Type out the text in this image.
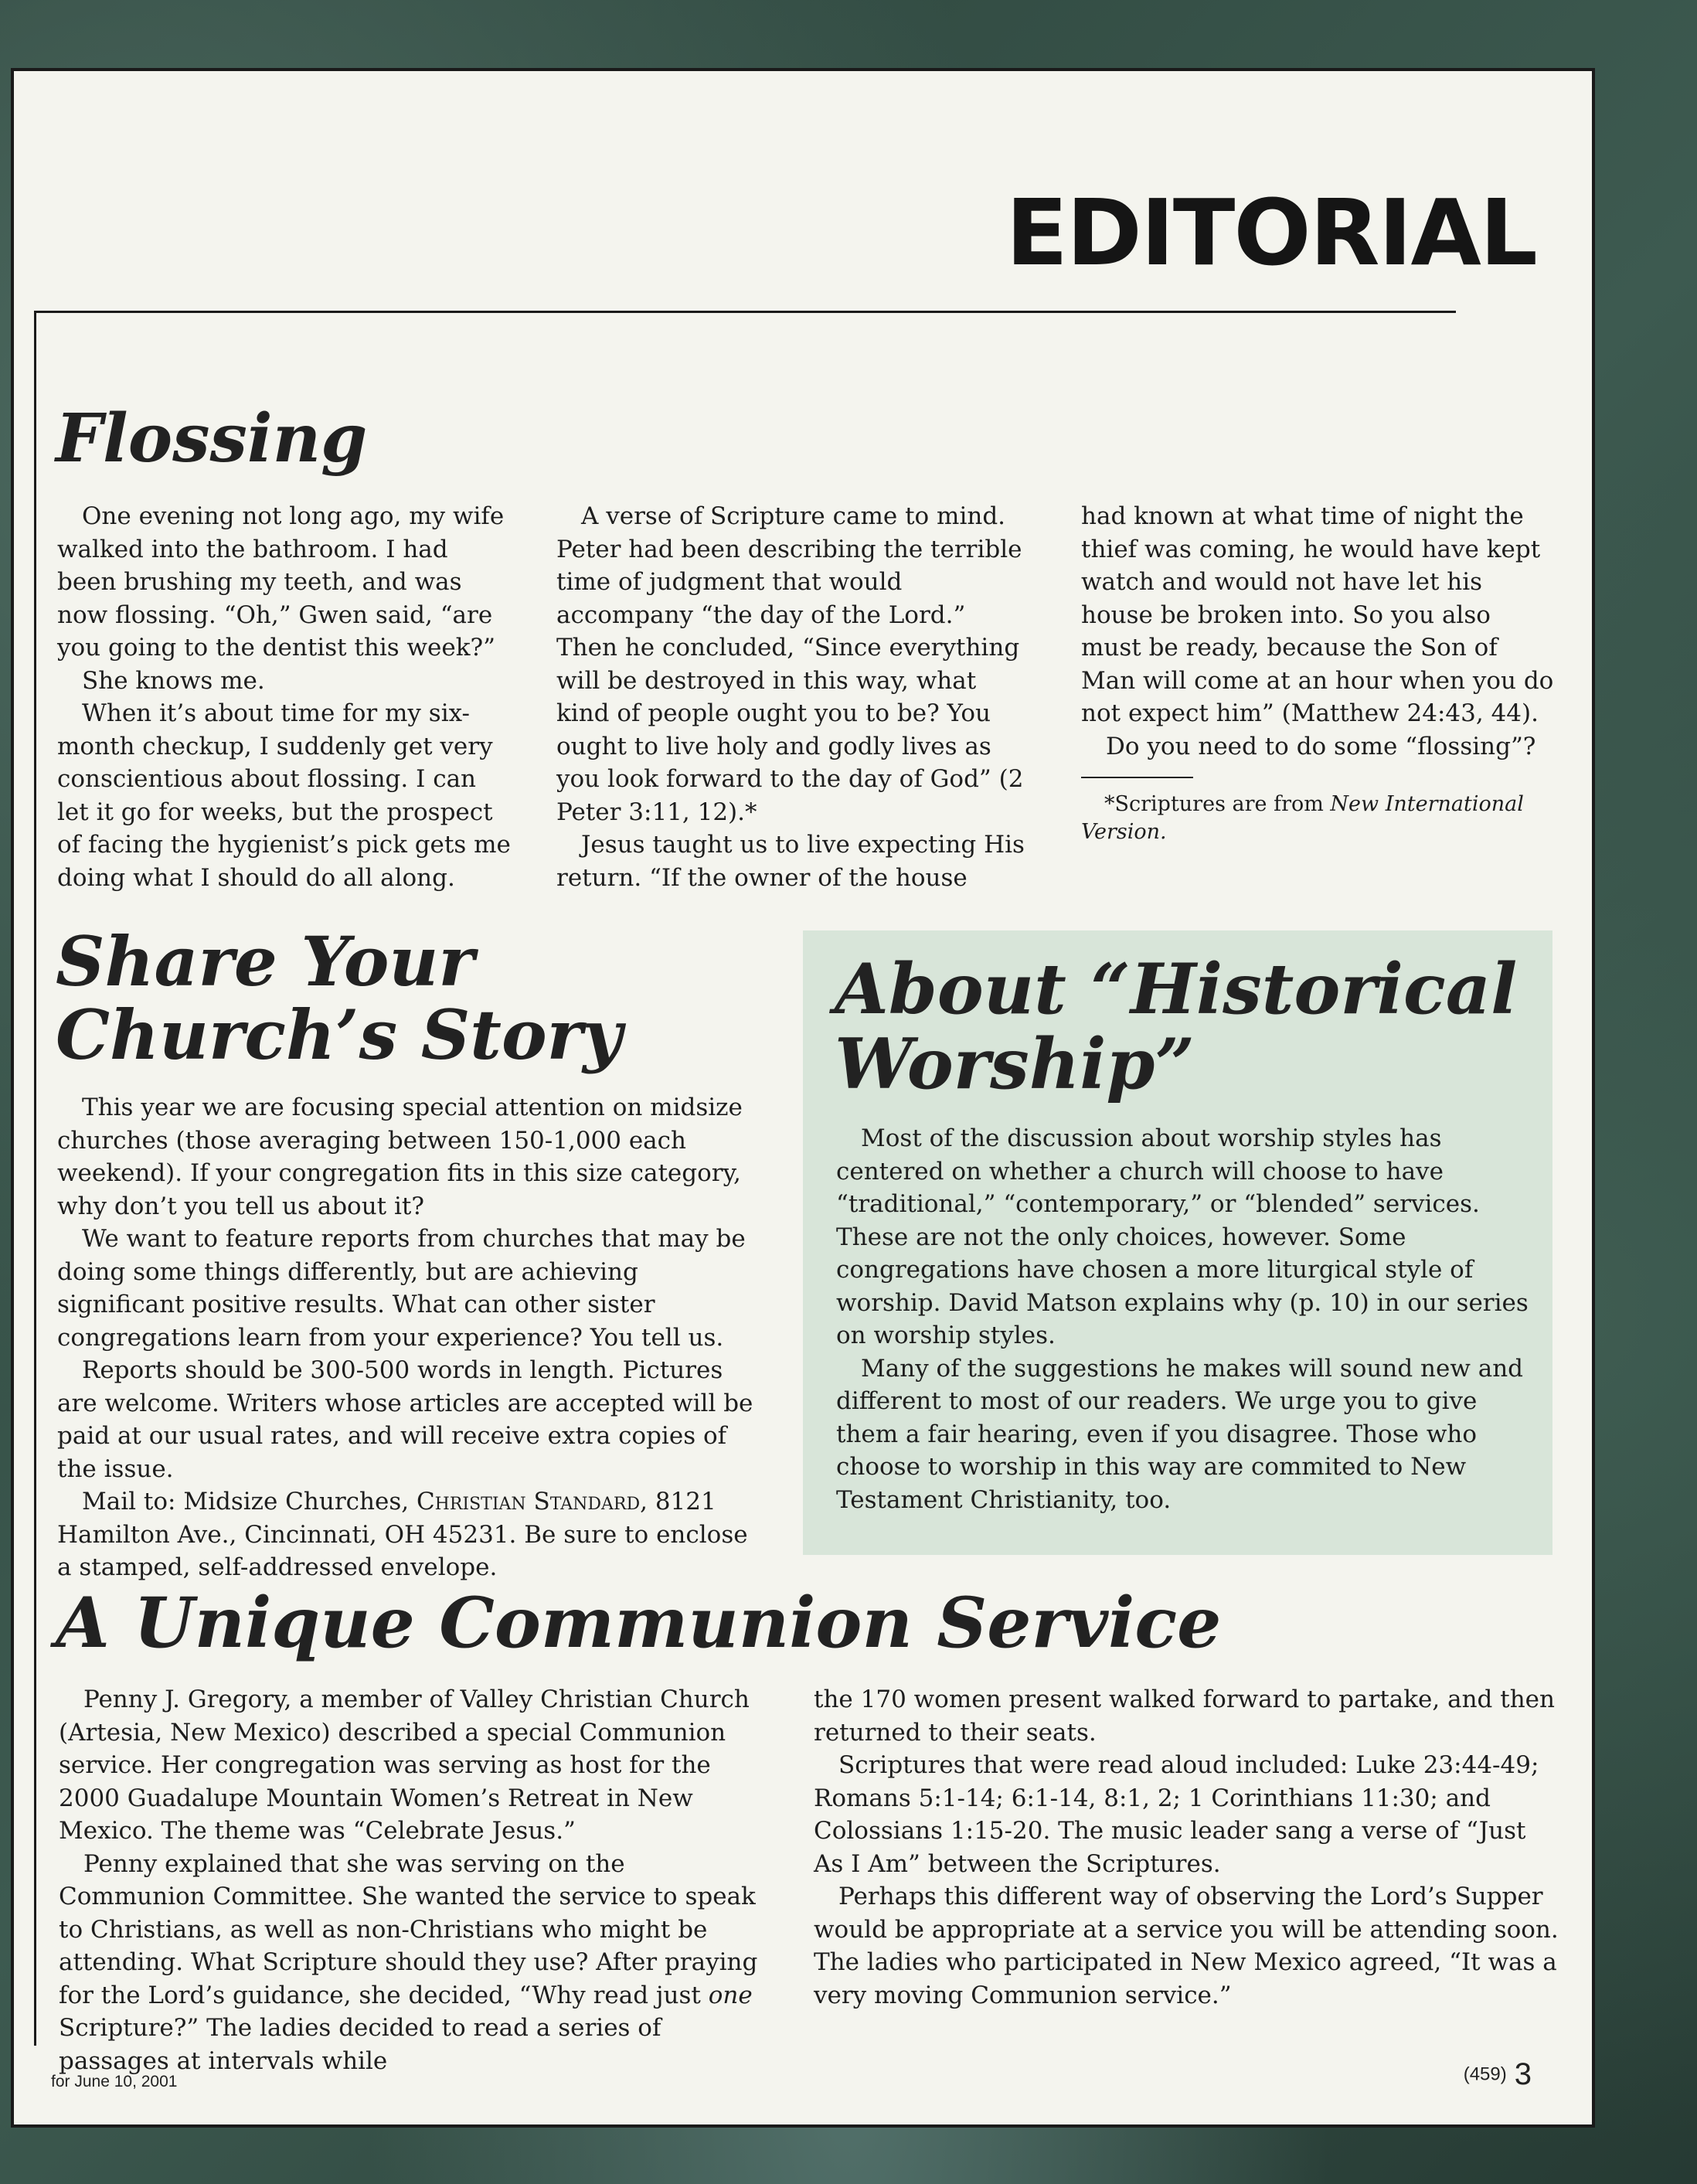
EDITORIAL
Flossing

One evening not long ago, my wife walked into the bathroom. I had been brushing my teeth, and was now flossing. “Oh,” Gwen said, “are you going to the dentist this week?”

She knows me.

When it’s about time for my six-month checkup, I suddenly get very conscientious about flossing. I can let it go for weeks, but the prospect of facing the hygienist’s pick gets me doing what I should do all along.

A verse of Scripture came to mind. Peter had been describing the terrible time of judgment that would accompany “the day of the Lord.” Then he concluded, “Since everything will be destroyed in this way, what kind of people ought you to be? You ought to live holy and godly lives as you look forward to the day of God” (2 Peter 3:11, 12).*

Jesus taught us to live expecting His return. “If the owner of the house

had known at what time of night the thief was coming, he would have kept watch and would not have let his house be broken into. So you also must be ready, because the Son of Man will come at an hour when you do not expect him” (Matthew 24:43, 44).

Do you need to do some “flossing”?

*Scriptures are from New International Version.
Share Your
Church’s Story

This year we are focusing special attention on midsize churches (those averaging between 150-1,000 each weekend). If your congregation fits in this size category, why don’t you tell us about it?

We want to feature reports from churches that may be doing some things differently, but are achieving significant positive results. What can other sister congregations learn from your experience? You tell us.

Reports should be 300-500 words in length. Pictures are welcome. Writers whose articles are accepted will be paid at our usual rates, and will receive extra copies of the issue.

Mail to: Midsize Churches, Christian Standard, 8121 Hamilton Ave., Cincinnati, OH 45231. Be sure to enclose a stamped, self-addressed envelope.

About “Historical
Worship”

Most of the discussion about worship styles has centered on whether a church will choose to have “traditional,” “contemporary,” or “blended” services. These are not the only choices, however. Some congregations have chosen a more liturgical style of worship. David Matson explains why (p. 10) in our series on worship styles.

Many of the suggestions he makes will sound new and different to most of our readers. We urge you to give them a fair hearing, even if you disagree. Those who choose to worship in this way are commited to New Testament Christianity, too.

A Unique Communion Service

Penny J. Gregory, a member of Valley Christian Church (Artesia, New Mexico) described a special Communion service. Her congregation was serving as host for the 2000 Guadalupe Mountain Women’s Retreat in New Mexico. The theme was “Celebrate Jesus.”

Penny explained that she was serving on the Communion Committee. She wanted the service to speak to Christians, as well as non-Christians who might be attending. What Scripture should they use? After praying for the Lord’s guidance, she decided, “Why read just one Scripture?” The ladies decided to read a series of passages at intervals while

the 170 women present walked forward to partake, and then returned to their seats.

Scriptures that were read aloud included: Luke 23:44-49; Romans 5:1-14; 6:1-14, 8:1, 2; 1 Corinthians 11:30; and Colossians 1:15-20. The music leader sang a verse of “Just As I Am” between the Scriptures.

Perhaps this different way of observing the Lord’s Supper would be appropriate at a service you will be attending soon. The ladies who participated in New Mexico agreed, “It was a very moving Communion service.”

for June 10, 2001	(459) 3
